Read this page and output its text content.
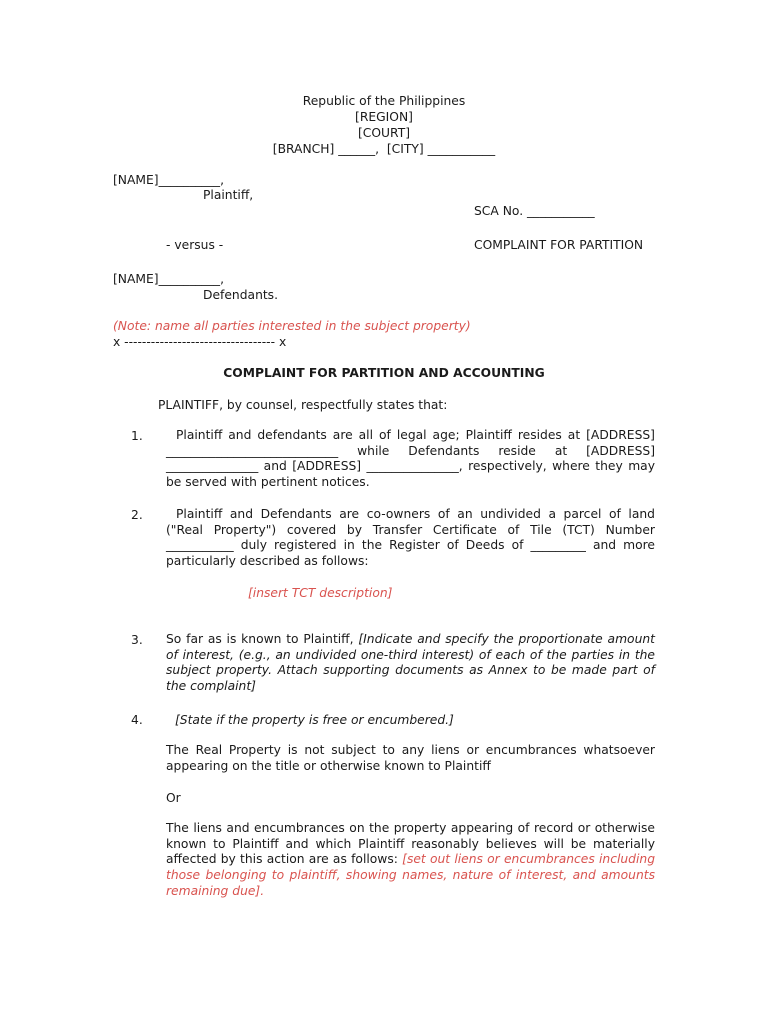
Republic of the Philippines
[REGION]
[COURT]
[BRANCH] ______,  [CITY] ___________
[NAME]__________,
Plaintiff,
SCA No. ___________
- versus -	COMPLAINT FOR PARTITION
[NAME]__________,
Defendants.
(Note: name all parties interested in the subject property)
x ---------------------------------- x
COMPLAINT FOR PARTITION AND ACCOUNTING
PLAINTIFF, by counsel, respectfully states that:
1.	Plaintiff and defendants are all of legal age; Plaintiff resides at [ADDRESS] ____________________________ while Defendants reside at [ADDRESS] _______________ and [ADDRESS] _______________, respectively, where they may be served with pertinent notices.
2.	Plaintiff and Defendants are co-owners of an undivided a parcel of land ("Real Property") covered by Transfer Certificate of Tile (TCT) Number ___________ duly registered in the Register of Deeds of _________ and more particularly described as follows:
[insert TCT description]
3. So far as is known to Plaintiff, [Indicate and specify the proportionate amount of interest, (e.g., an undivided one-third interest) of each of the parties in the subject property. Attach supporting documents as Annex to be made part of the complaint]
4.	[State if the property is free or encumbered.]
The Real Property is not subject to any liens or encumbrances whatsoever appearing on the title or otherwise known to Plaintiff
Or
The liens and encumbrances on the property appearing of record or otherwise known to Plaintiff and which Plaintiff reasonably believes will be materially affected by this action are as follows: [set out liens or encumbrances including those belonging to plaintiff, showing names, nature of interest, and amounts remaining due].
